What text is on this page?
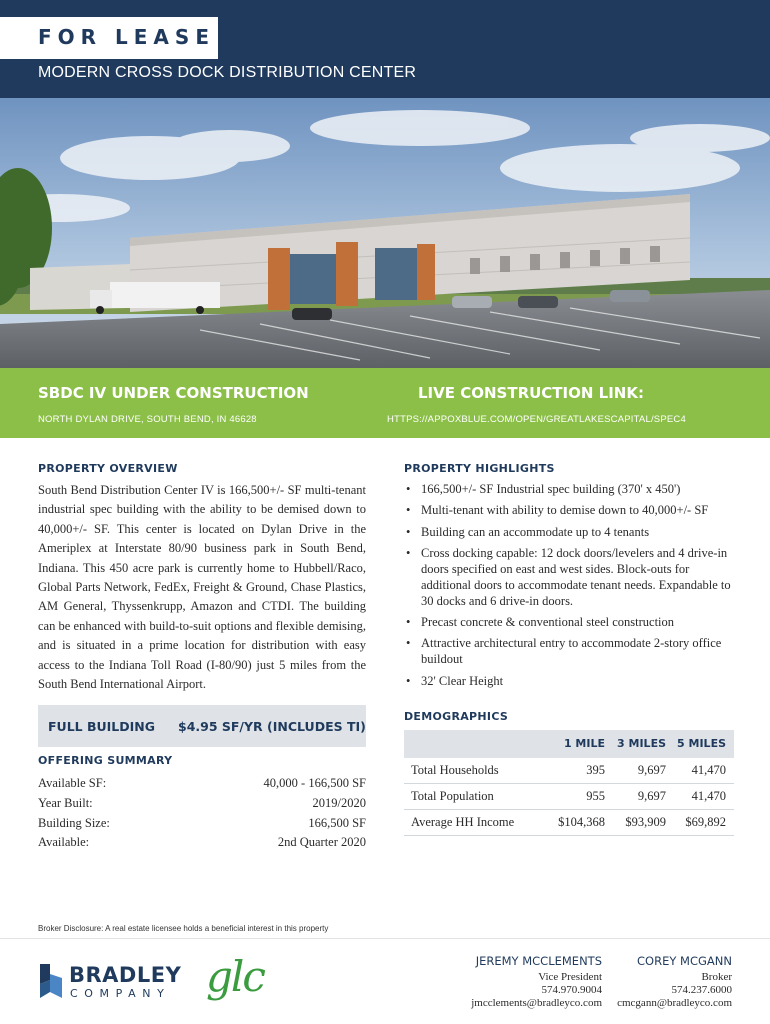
FOR LEASE
MODERN CROSS DOCK DISTRIBUTION CENTER
SBDC IV UNDER CONSTRUCTION
NORTH DYLAN DRIVE, SOUTH BEND, IN 46628
LIVE CONSTRUCTION LINK:
HTTPS://APPOXBLUE.COM/OPEN/GREATLAKESCAPITAL/SPEC4
PROPERTY OVERVIEW

South Bend Distribution Center IV is 166,500+/- SF multi-tenant industrial spec building with the ability to be demised down to 40,000+/- SF. This center is located on Dylan Drive in the Ameriplex at Interstate 80/90 business park in South Bend, Indiana. This 450 acre park is currently home to Hubbell/Raco, Global Parts Network, FedEx, Freight & Ground, Chase Plastics, AM General, Thyssenkrupp, Amazon and CTDI. The building can be enhanced with build-to-suit options and flexible demising, and is situated in a prime location for distribution with easy access to the Indiana Toll Road (I-80/90) just 5 miles from the South Bend International Airport.

PROPERTY HIGHLIGHTS
• 166,500+/- SF Industrial spec building (370' x 450')
• Multi-tenant with ability to demise down to 40,000+/- SF
• Building can an accommodate up to 4 tenants
• Cross docking capable: 12 dock doors/levelers and 4 drive-in doors specified on east and west sides. Block-outs for additional doors to accommodate tenant needs. Expandable to 30 docks and 6 drive-in doors.
• Precast concrete & conventional steel construction
• Attractive architectural entry to accommodate 2-story office buildout
• 32' Clear Height
FULL BUILDING $4.95 SF/YR (INCLUDES TI)
OFFERING SUMMARY
Available SF:	40,000 - 166,500 SF
Year Built:	2019/2020
Building Size:	166,500 SF
Available:	2nd Quarter 2020
DEMOGRAPHICS
1 MILE 3 MILES 5 MILES
Total Households	395	9,697 41,470
Total Population	955	9,697 41,470
Average HH Income	$104,368 $93,909 $69,892
Broker Disclosure: A real estate licensee holds a beneficial interest in this property
BRADLEY
COMPANY glc	JEREMY MCCLEMENTS
Vice President
574.970.9004
jmcclements@bradleyco.com
COREY MCGANN
Broker
574.237.6000
cmcgann@bradleyco.com
